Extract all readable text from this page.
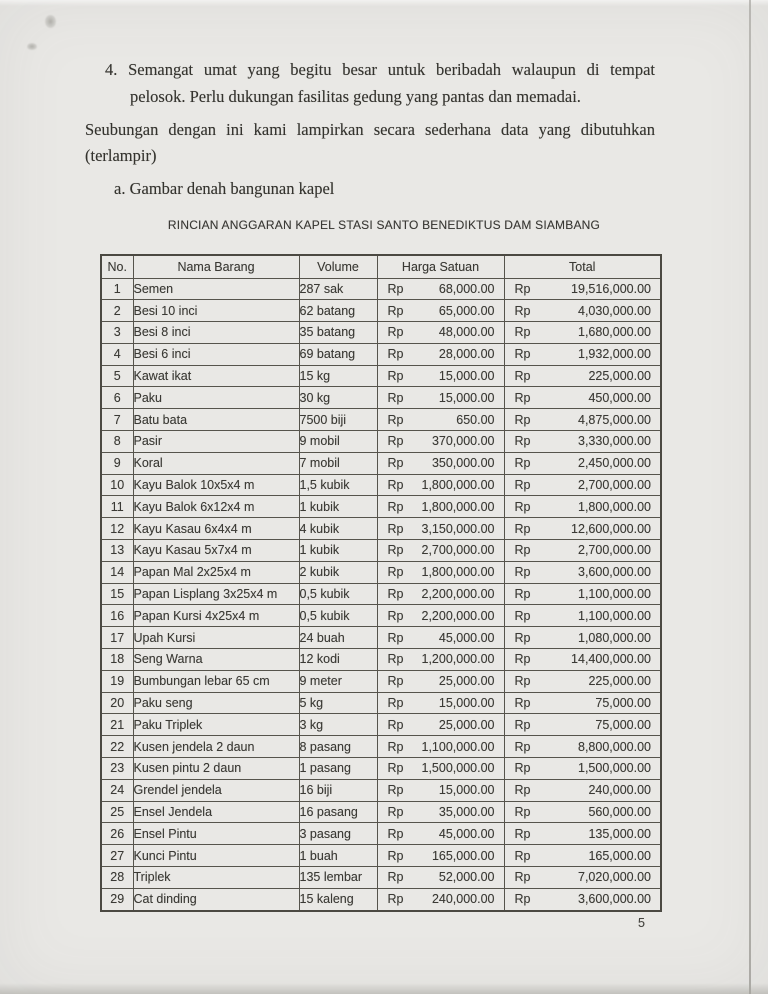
4. Semangat umat yang begitu besar untuk beribadah walaupun di tempat
pelosok. Perlu dukungan fasilitas gedung yang pantas dan memadai.
Seubungan dengan ini kami lampirkan secara sederhana data yang dibutuhkan
(terlampir)
a. Gambar denah bangunan kapel
RINCIAN ANGGARAN KAPEL STASI SANTO BENEDIKTUS DAM SIAMBANG
No.	Nama Barang	Volume	Harga Satuan	Total
1	Semen	287 sak	Rp 68,000.00	Rp 19,516,000.00

2	Besi 10 inci	62 batang	Rp 65,000.00	Rp 4,030,000.00

3	Besi 8 inci	35 batang	Rp 48,000.00	Rp 1,680,000.00

4	Besi 6 inci	69 batang	Rp 28,000.00	Rp 1,932,000.00

5	Kawat ikat	15 kg	Rp 15,000.00	Rp 225,000.00

6	Paku	30 kg	Rp 15,000.00	Rp 450,000.00

7	Batu bata	7500 biji	Rp 650.00	Rp 4,875,000.00

8	Pasir	9 mobil	Rp 370,000.00	Rp 3,330,000.00

9	Koral	7 mobil	Rp 350,000.00	Rp 2,450,000.00

10	Kayu Balok 10x5x4 m	1,5 kubik	Rp 1,800,000.00	Rp 2,700,000.00

11	Kayu Balok 6x12x4 m	1 kubik	Rp 1,800,000.00	Rp 1,800,000.00

12	Kayu Kasau 6x4x4 m	4 kubik	Rp 3,150,000.00	Rp 12,600,000.00

13	Kayu Kasau 5x7x4 m	1 kubik	Rp 2,700,000.00	Rp 2,700,000.00

14	Papan Mal 2x25x4 m	2 kubik	Rp 1,800,000.00	Rp 3,600,000.00

15	Papan Lisplang 3x25x4 m	0,5 kubik	Rp 2,200,000.00	Rp 1,100,000.00

16	Papan Kursi 4x25x4 m	0,5 kubik	Rp 2,200,000.00	Rp 1,100,000.00

17	Upah Kursi	24 buah	Rp 45,000.00	Rp 1,080,000.00

18	Seng Warna	12 kodi	Rp 1,200,000.00	Rp 14,400,000.00

19	Bumbungan lebar 65 cm	9 meter	Rp 25,000.00	Rp 225,000.00

20	Paku seng	5 kg	Rp 15,000.00	Rp 75,000.00

21	Paku Triplek	3 kg	Rp 25,000.00	Rp 75,000.00

22	Kusen jendela 2 daun	8 pasang	Rp 1,100,000.00	Rp 8,800,000.00

23	Kusen pintu 2 daun	1 pasang	Rp 1,500,000.00	Rp 1,500,000.00

24	Grendel jendela	16 biji	Rp 15,000.00	Rp 240,000.00

25	Ensel Jendela	16 pasang	Rp 35,000.00	Rp 560,000.00

26	Ensel Pintu	3 pasang	Rp 45,000.00	Rp 135,000.00

27	Kunci Pintu	1 buah	Rp 165,000.00	Rp 165,000.00

28	Triplek	135 lembar	Rp 52,000.00	Rp 7,020,000.00

29	Cat dinding	15 kaleng	Rp 240,000.00	Rp 3,600,000.00
5
